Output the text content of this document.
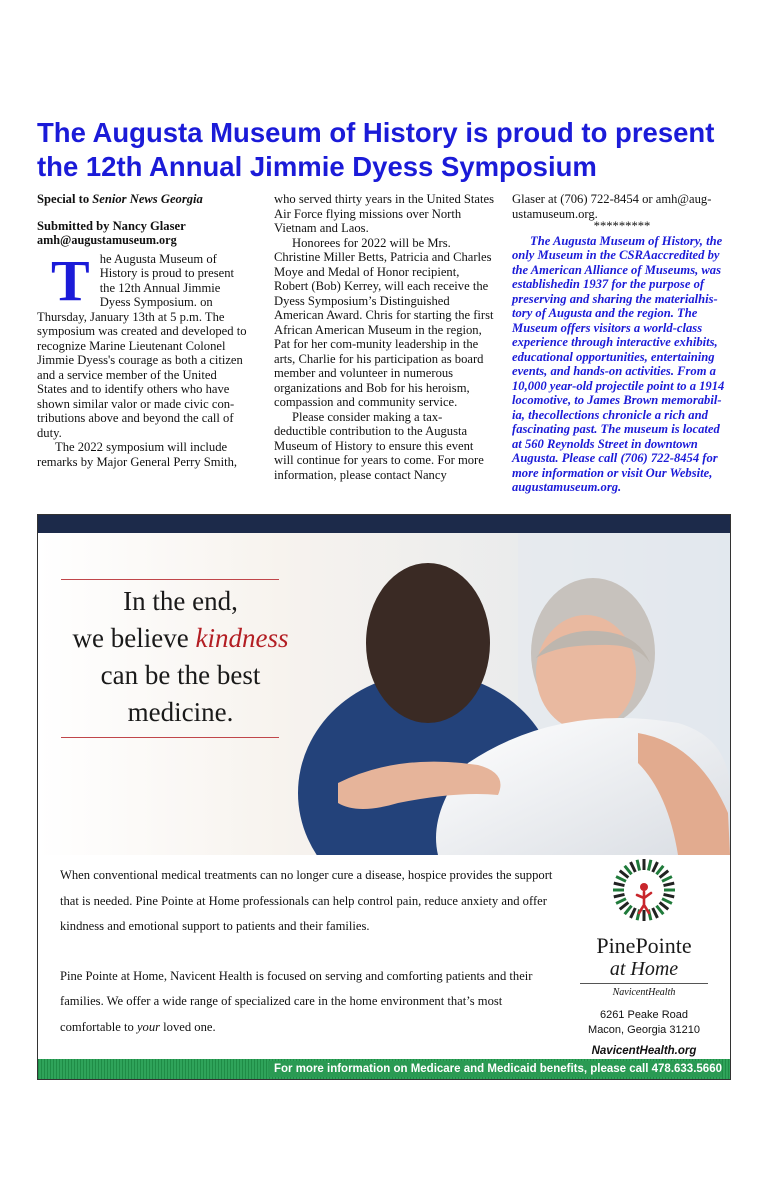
The Augusta Museum of History is proud to present
the 12th Annual Jimmie Dyess Symposium

Special to Senior News Georgia

Submitted by Nancy Glaser

amh@augustamuseum.org

The Augusta Museum of History is proud to present the 12th Annual Jimmie Dyess Symposium. on Thursday, January 13th at 5 p.m. The symposium was created and developed to recognize Marine Lieutenant Colonel Jimmie Dyess's courage as both a citizen and a service member of the United States and to identify others who have shown similar valor or made civic con-tributions above and beyond the call of duty.

The 2022 symposium will include remarks by Major General Perry Smith,

who served thirty years in the United States Air Force flying missions over North Vietnam and Laos.

Honorees for 2022 will be Mrs. Christine Miller Betts, Patricia and Charles Moye and Medal of Honor recipient, Robert (Bob) Kerrey, will each receive the Dyess Symposium’s Distinguished American Award. Chris for starting the first African American Museum in the region, Pat for her com-munity leadership in the arts, Charlie for his participation as board member and volunteer in numerous organizations and Bob for his heroism, compassion and community service.

Please consider making a tax-deductible contribution to the Augusta Museum of History to ensure this event will continue for years to come. For more information, please contact Nancy

Glaser at (706) 722-8454 or amh@aug-ustamuseum.org.

*********

The Augusta Museum of History, the only Museum in the CSRAaccredited by the American Alliance of Museums, was establishedin 1937 for the purpose of preserving and sharing the materialhis-tory of Augusta and the region. The Museum offers visitors a world-class experience through interactive exhibits, educational opportunities, entertaining events, and hands-on activities. From a 10,000 year-old projectile point to a 1914 locomotive, to James Brown memorabil-ia, thecollections chronicle a rich and fascinating past. The museum is located at 560 Reynolds Street in downtown Augusta. Please call (706) 722-8454 for more information or visit Our Website, augustamuseum.org.

In the end,
we believe kindness
can be the best
medicine.

When conventional medical treatments can no longer cure a disease, hospice provides the support that is needed. Pine Pointe at Home professionals can help control pain, reduce anxiety and offer kindness and emotional support to patients and their families.

Pine Pointe at Home, Navicent Health is focused on serving and comforting patients and their families. We offer a wide range of specialized care in the home environment that’s most comfortable to your loved one.

PinePointe
at Home
NavicentHealth
6261 Peake Road
Macon, Georgia 31210
NavicentHealth.org
For more information on Medicare and Medicaid benefits, please call 478.633.5660
